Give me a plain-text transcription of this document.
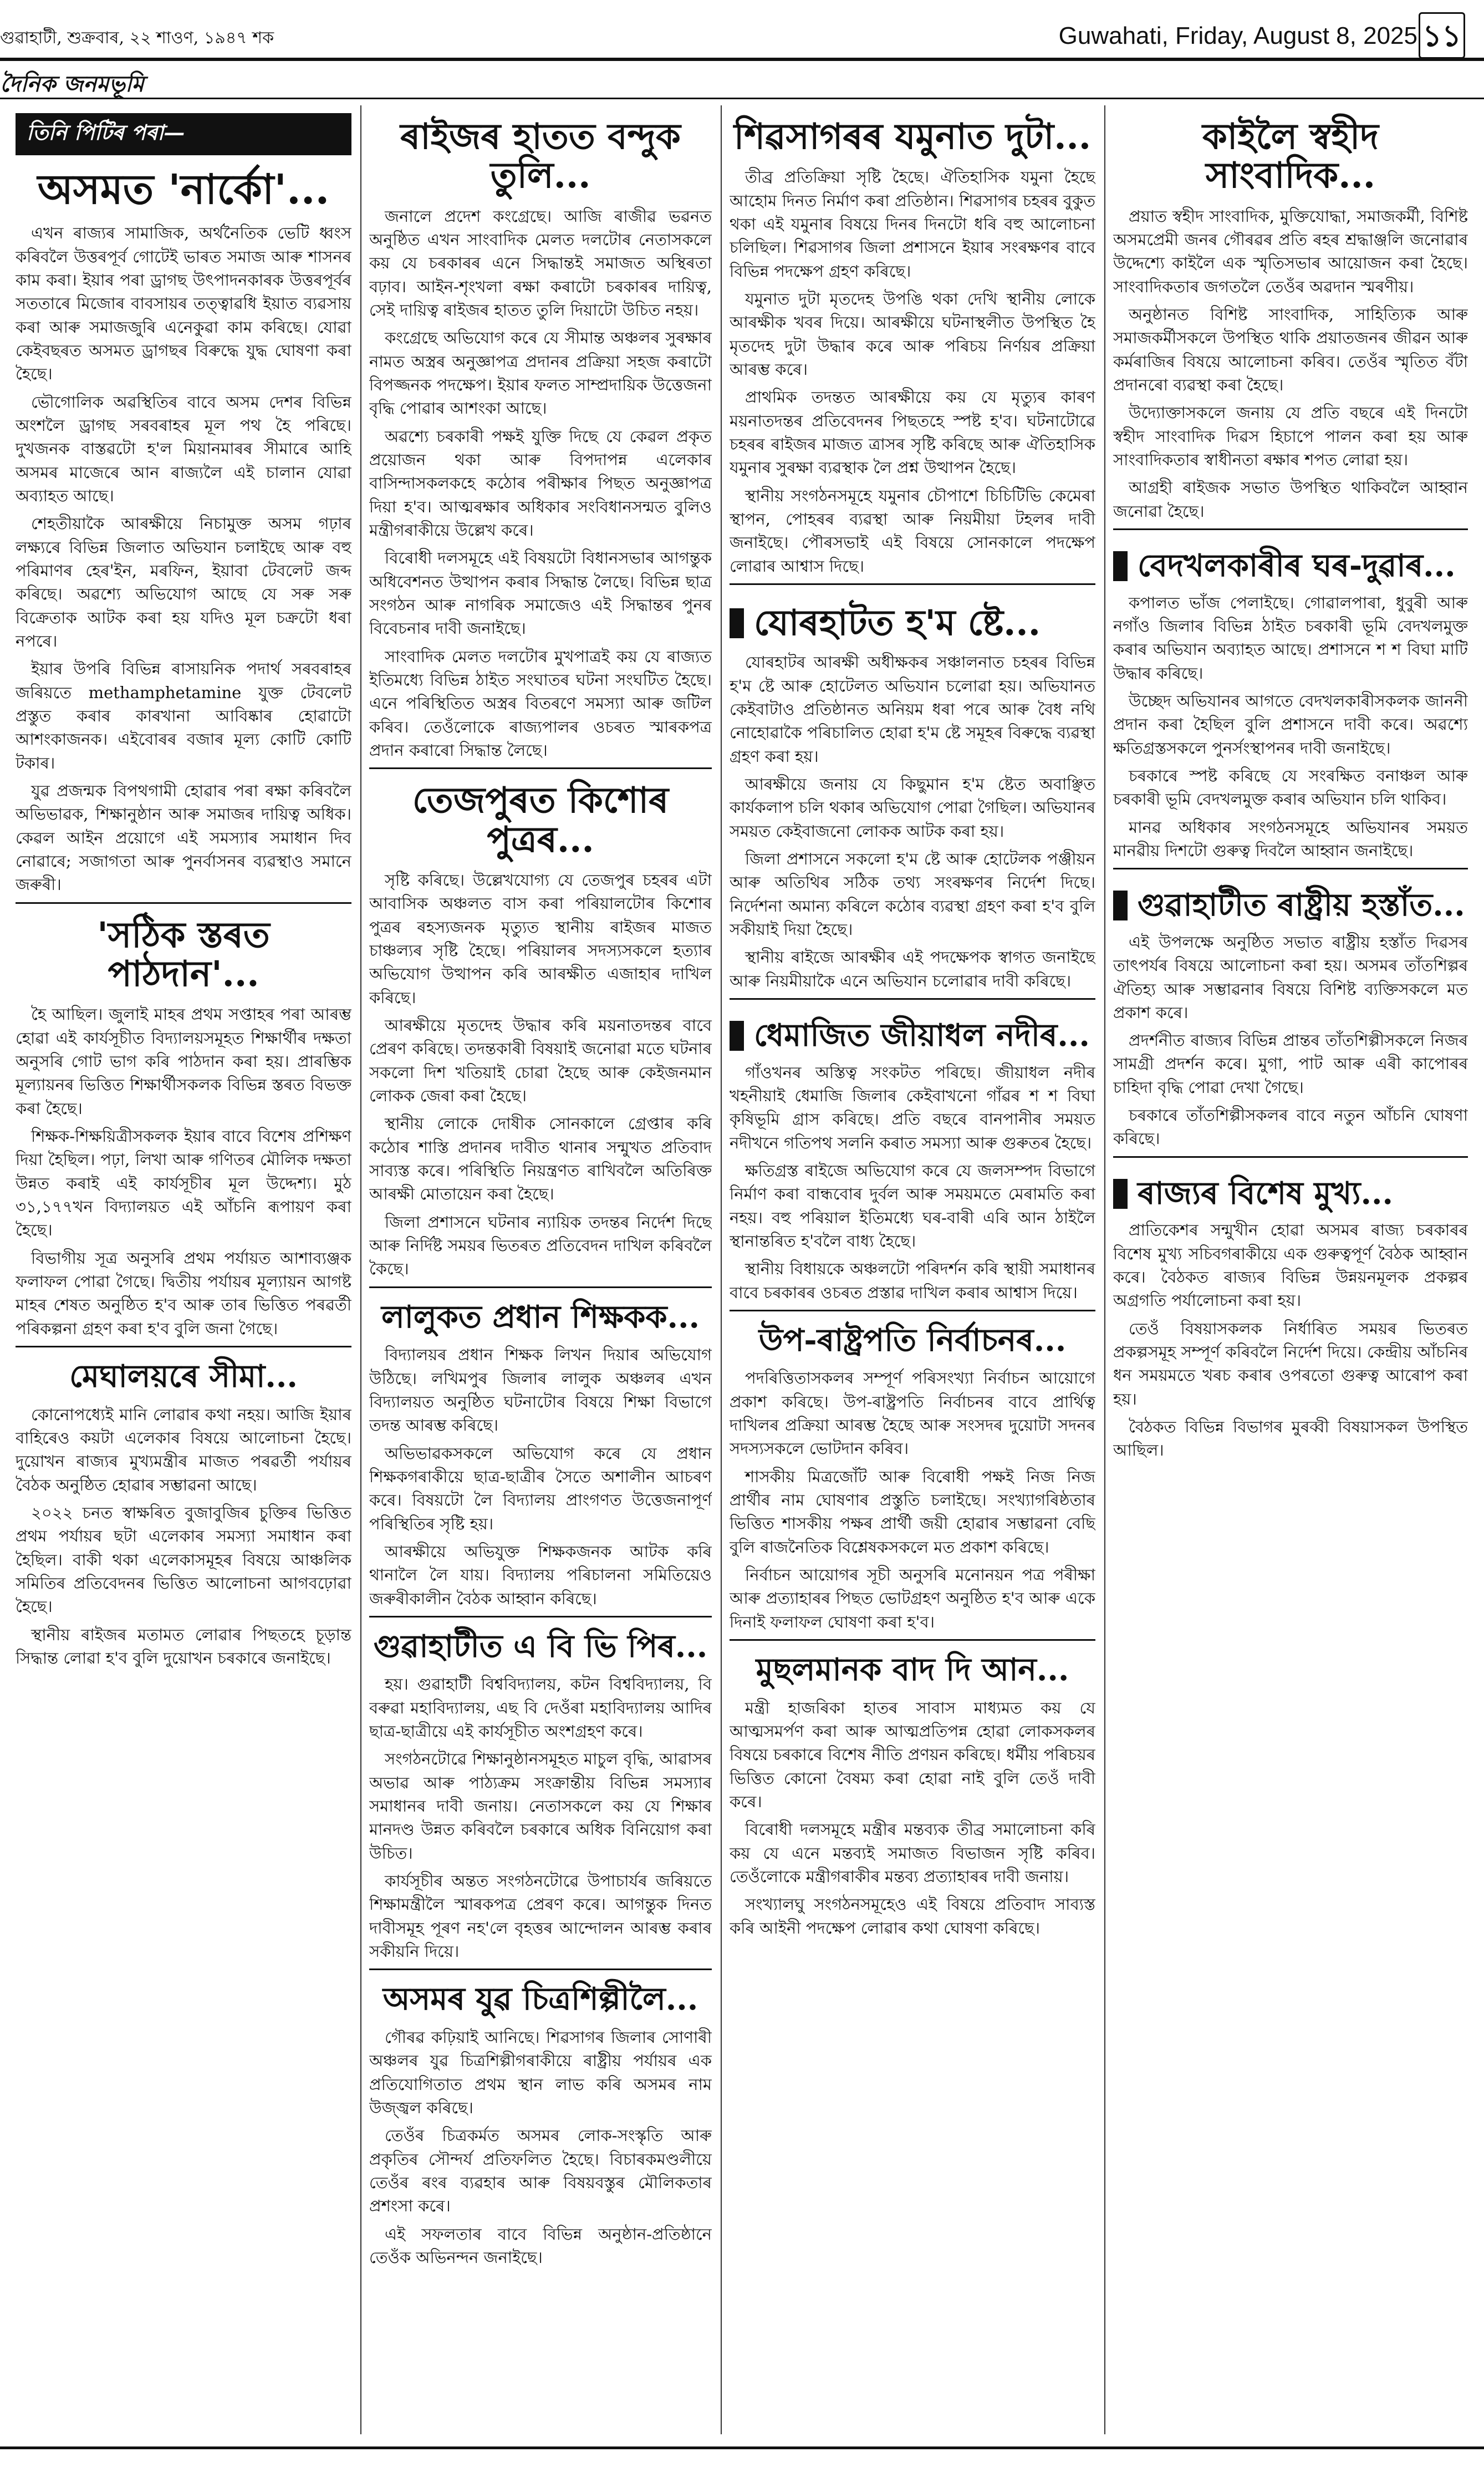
গুৱাহাটী, শুক্ৰবাৰ, ২২ শাওণ, ১৯৪৭ শক	Guwahati, Friday, August 8, 2025 ১১
দৈনিক জনমভূমি
তিনি পিটিৰ পৰা—
অসমত 'নাৰ্কো'...

এখন ৰাজ্যৰ সামাজিক, অৰ্থনৈতিক ভেটি ধ্বংস কৰিবলৈ উত্তৰপূৰ্ব গোটেই ভাৰত সমাজ আৰু শাসনৰ কাম কৰা। ইয়াৰ পৰা ড্ৰাগছ উৎপাদনকাৰক উত্তৰপূৰ্বৰ সততাৰে মিজোৰ বাবসায়ৰ তত্ত্বাৱধি ইয়াত ব্যৱসায় কৰা আৰু সমাজজুৰি এনেকুৱা কাম কৰিছে। যোৱা কেইবছৰত অসমত ড্ৰাগছৰ বিৰুদ্ধে যুদ্ধ ঘোষণা কৰা হৈছে।

ভৌগোলিক অৱস্থিতিৰ বাবে অসম দেশৰ বিভিন্ন অংশলৈ ড্ৰাগছ সৰবৰাহৰ মূল পথ হৈ পৰিছে। দুখজনক বাস্তৱটো হ'ল মিয়ানমাৰৰ সীমাৰে আহি অসমৰ মাজেৰে আন ৰাজ্যলৈ এই চালান যোৱা অব্যাহত আছে।

শেহতীয়াকৈ আৰক্ষীয়ে নিচামুক্ত অসম গঢ়াৰ লক্ষ্যৰে বিভিন্ন জিলাত অভিযান চলাইছে আৰু বহু পৰিমাণৰ হেৰ'ইন, মৰফিন, ইয়াবা টেবলেট জব্দ কৰিছে। অৱশ্যে অভিযোগ আছে যে সৰু সৰু বিক্ৰেতাক আটক কৰা হয় যদিও মূল চক্ৰটো ধৰা নপৰে।

ইয়াৰ উপৰি বিভিন্ন ৰাসায়নিক পদাৰ্থ সৰবৰাহৰ জৰিয়তে methamphetamine যুক্ত টেবলেট প্ৰস্তুত কৰাৰ কাৰখানা আবিষ্কাৰ হোৱাটো আশংকাজনক। এইবোৰৰ বজাৰ মূল্য কোটি কোটি টকাৰ।

যুৱ প্ৰজন্মক বিপথগামী হোৱাৰ পৰা ৰক্ষা কৰিবলৈ অভিভাৱক, শিক্ষানুষ্ঠান আৰু সমাজৰ দায়িত্ব অধিক। কেৱল আইন প্ৰয়োগে এই সমস্যাৰ সমাধান দিব নোৱাৰে; সজাগতা আৰু পুনৰ্বাসনৰ ব্যৱস্থাও সমানে জৰুৰী।

'সঠিক স্তৰত পাঠদান'...

হৈ আছিল। জুলাই মাহৰ প্ৰথম সপ্তাহৰ পৰা আৰম্ভ হোৱা এই কাৰ্যসূচীত বিদ্যালয়সমূহত শিক্ষাৰ্থীৰ দক্ষতা অনুসৰি গোট ভাগ কৰি পাঠদান কৰা হয়। প্ৰাৰম্ভিক মূল্যায়নৰ ভিত্তিত শিক্ষাৰ্থীসকলক বিভিন্ন স্তৰত বিভক্ত কৰা হৈছে।

শিক্ষক-শিক্ষয়িত্ৰীসকলক ইয়াৰ বাবে বিশেষ প্ৰশিক্ষণ দিয়া হৈছিল। পঢ়া, লিখা আৰু গণিতৰ মৌলিক দক্ষতা উন্নত কৰাই এই কাৰ্যসূচীৰ মূল উদ্দেশ্য। মুঠ ৩১,১৭৭খন বিদ্যালয়ত এই আঁচনি ৰূপায়ণ কৰা হৈছে।

বিভাগীয় সূত্ৰ অনুসৰি প্ৰথম পৰ্যায়ত আশাব্যঞ্জক ফলাফল পোৱা গৈছে। দ্বিতীয় পৰ্যায়ৰ মূল্যায়ন আগষ্ট মাহৰ শেষত অনুষ্ঠিত হ'ব আৰু তাৰ ভিত্তিত পৰৱৰ্তী পৰিকল্পনা গ্ৰহণ কৰা হ'ব বুলি জনা গৈছে।

মেঘালয়ৰে সীমা...

কোনোপধ্যেই মানি লোৱাৰ কথা নহয়। আজি ইয়াৰ বাহিৰেও কয়টা এলেকাৰ বিষয়ে আলোচনা হৈছে। দুয়োখন ৰাজ্যৰ মুখ্যমন্ত্ৰীৰ মাজত পৰৱৰ্তী পৰ্যায়ৰ বৈঠক অনুষ্ঠিত হোৱাৰ সম্ভাৱনা আছে।

২০২২ চনত স্বাক্ষৰিত বুজাবুজিৰ চুক্তিৰ ভিত্তিত প্ৰথম পৰ্যায়ৰ ছটা এলেকাৰ সমস্যা সমাধান কৰা হৈছিল। বাকী থকা এলেকাসমূহৰ বিষয়ে আঞ্চলিক সমিতিৰ প্ৰতিবেদনৰ ভিত্তিত আলোচনা আগবঢ়োৱা হৈছে।

স্থানীয় ৰাইজৰ মতামত লোৱাৰ পিছতহে চূড়ান্ত সিদ্ধান্ত লোৱা হ'ব বুলি দুয়োখন চৰকাৰে জনাইছে।

ৰাইজৰ হাতত বন্দুক তুলি...

জনালে প্ৰদেশ কংগ্ৰেছে। আজি ৰাজীৱ ভৱনত অনুষ্ঠিত এখন সাংবাদিক মেলত দলটোৰ নেতাসকলে কয় যে চৰকাৰৰ এনে সিদ্ধান্তই সমাজত অস্থিৰতা বঢ়াব। আইন-শৃংখলা ৰক্ষা কৰাটো চৰকাৰৰ দায়িত্ব, সেই দায়িত্ব ৰাইজৰ হাতত তুলি দিয়াটো উচিত নহয়।

কংগ্ৰেছে অভিযোগ কৰে যে সীমান্ত অঞ্চলৰ সুৰক্ষাৰ নামত অস্ত্ৰৰ অনুজ্ঞাপত্ৰ প্ৰদানৰ প্ৰক্ৰিয়া সহজ কৰাটো বিপজ্জনক পদক্ষেপ। ইয়াৰ ফলত সাম্প্ৰদায়িক উত্তেজনা বৃদ্ধি পোৱাৰ আশংকা আছে।

অৱশ্যে চৰকাৰী পক্ষই যুক্তি দিছে যে কেৱল প্ৰকৃত প্ৰয়োজন থকা আৰু বিপদাপন্ন এলেকাৰ বাসিন্দাসকলকহে কঠোৰ পৰীক্ষাৰ পিছত অনুজ্ঞাপত্ৰ দিয়া হ'ব। আত্মৰক্ষাৰ অধিকাৰ সংবিধানসন্মত বুলিও মন্ত্ৰীগৰাকীয়ে উল্লেখ কৰে।

বিৰোধী দলসমূহে এই বিষয়টো বিধানসভাৰ আগন্তুক অধিবেশনত উত্থাপন কৰাৰ সিদ্ধান্ত লৈছে। বিভিন্ন ছাত্ৰ সংগঠন আৰু নাগৰিক সমাজেও এই সিদ্ধান্তৰ পুনৰ বিবেচনাৰ দাবী জনাইছে।

সাংবাদিক মেলত দলটোৰ মুখপাত্ৰই কয় যে ৰাজ্যত ইতিমধ্যে বিভিন্ন ঠাইত সংঘাতৰ ঘটনা সংঘটিত হৈছে। এনে পৰিস্থিতিত অস্ত্ৰৰ বিতৰণে সমস্যা আৰু জটিল কৰিব। তেওঁলোকে ৰাজ্যপালৰ ওচৰত স্মাৰকপত্ৰ প্ৰদান কৰাৰো সিদ্ধান্ত লৈছে।

তেজপুৰত কিশোৰ পুত্ৰৰ...

সৃষ্টি কৰিছে। উল্লেখযোগ্য যে তেজপুৰ চহৰৰ এটা আবাসিক অঞ্চলত বাস কৰা পৰিয়ালটোৰ কিশোৰ পুত্ৰৰ ৰহস্যজনক মৃত্যুত স্থানীয় ৰাইজৰ মাজত চাঞ্চল্যৰ সৃষ্টি হৈছে। পৰিয়ালৰ সদস্যসকলে হত্যাৰ অভিযোগ উত্থাপন কৰি আৰক্ষীত এজাহাৰ দাখিল কৰিছে।

আৰক্ষীয়ে মৃতদেহ উদ্ধাৰ কৰি ময়নাতদন্তৰ বাবে প্ৰেৰণ কৰিছে। তদন্তকাৰী বিষয়াই জনোৱা মতে ঘটনাৰ সকলো দিশ খতিয়াই চোৱা হৈছে আৰু কেইজনমান লোকক জেৰা কৰা হৈছে।

স্থানীয় লোকে দোষীক সোনকালে গ্ৰেপ্তাৰ কৰি কঠোৰ শাস্তি প্ৰদানৰ দাবীত থানাৰ সন্মুখত প্ৰতিবাদ সাব্যস্ত কৰে। পৰিস্থিতি নিয়ন্ত্ৰণত ৰাখিবলৈ অতিৰিক্ত আৰক্ষী মোতায়েন কৰা হৈছে।

জিলা প্ৰশাসনে ঘটনাৰ ন্যায়িক তদন্তৰ নিৰ্দেশ দিছে আৰু নিৰ্দিষ্ট সময়ৰ ভিতৰত প্ৰতিবেদন দাখিল কৰিবলৈ কৈছে।

লালুকত প্ৰধান শিক্ষকক...

বিদ্যালয়ৰ প্ৰধান শিক্ষক লিখন দিয়াৰ অভিযোগ উঠিছে। লখিমপুৰ জিলাৰ লালুক অঞ্চলৰ এখন বিদ্যালয়ত অনুষ্ঠিত ঘটনাটোৰ বিষয়ে শিক্ষা বিভাগে তদন্ত আৰম্ভ কৰিছে।

অভিভাৱকসকলে অভিযোগ কৰে যে প্ৰধান শিক্ষকগৰাকীয়ে ছাত্ৰ-ছাত্ৰীৰ সৈতে অশালীন আচৰণ কৰে। বিষয়টো লৈ বিদ্যালয় প্ৰাংগণত উত্তেজনাপূৰ্ণ পৰিস্থিতিৰ সৃষ্টি হয়।

আৰক্ষীয়ে অভিযুক্ত শিক্ষকজনক আটক কৰি থানালৈ লৈ যায়। বিদ্যালয় পৰিচালনা সমিতিয়েও জৰুৰীকালীন বৈঠক আহ্বান কৰিছে।

গুৱাহাটীত এ বি ভি পিৰ...

হয়। গুৱাহাটী বিশ্ববিদ্যালয়, কটন বিশ্ববিদ্যালয়, বি বৰুৱা মহাবিদ্যালয়, এছ বি দেওঁৰা মহাবিদ্যালয় আদিৰ ছাত্ৰ-ছাত্ৰীয়ে এই কাৰ্যসূচীত অংশগ্ৰহণ কৰে।

সংগঠনটোৱে শিক্ষানুষ্ঠানসমূহত মাচুল বৃদ্ধি, আৱাসৰ অভাৱ আৰু পাঠ্যক্ৰম সংক্ৰান্তীয় বিভিন্ন সমস্যাৰ সমাধানৰ দাবী জনায়। নেতাসকলে কয় যে শিক্ষাৰ মানদণ্ড উন্নত কৰিবলৈ চৰকাৰে অধিক বিনিয়োগ কৰা উচিত।

কাৰ্যসূচীৰ অন্তত সংগঠনটোৱে উপাচাৰ্যৰ জৰিয়তে শিক্ষামন্ত্ৰীলৈ স্মাৰকপত্ৰ প্ৰেৰণ কৰে। আগন্তুক দিনত দাবীসমূহ পূৰণ নহ'লে বৃহত্তৰ আন্দোলন আৰম্ভ কৰাৰ সকীয়নি দিয়ে।

অসমৰ যুৱ চিত্ৰশিল্পীলৈ...

গৌৰৱ কঢ়িয়াই আনিছে। শিৱসাগৰ জিলাৰ সোণাৰী অঞ্চলৰ যুৱ চিত্ৰশিল্পীগৰাকীয়ে ৰাষ্ট্ৰীয় পৰ্যায়ৰ এক প্ৰতিযোগিতাত প্ৰথম স্থান লাভ কৰি অসমৰ নাম উজ্জ্বল কৰিছে।

তেওঁৰ চিত্ৰকৰ্মত অসমৰ লোক-সংস্কৃতি আৰু প্ৰকৃতিৰ সৌন্দৰ্য প্ৰতিফলিত হৈছে। বিচাৰকমণ্ডলীয়ে তেওঁৰ ৰংৰ ব্যৱহাৰ আৰু বিষয়বস্তুৰ মৌলিকতাৰ প্ৰশংসা কৰে।

এই সফলতাৰ বাবে বিভিন্ন অনুষ্ঠান-প্ৰতিষ্ঠানে তেওঁক অভিনন্দন জনাইছে।

শিৱসাগৰৰ যমুনাত দুটা...

তীব্ৰ প্ৰতিক্ৰিয়া সৃষ্টি হৈছে। ঐতিহাসিক যমুনা হৈছে আহোম দিনত নিৰ্মাণ কৰা প্ৰতিষ্ঠান। শিৱসাগৰ চহৰৰ বুকুত থকা এই যমুনাৰ বিষয়ে দিনৰ দিনটো ধৰি বহু আলোচনা চলিছিল। শিৱসাগৰ জিলা প্ৰশাসনে ইয়াৰ সংৰক্ষণৰ বাবে বিভিন্ন পদক্ষেপ গ্ৰহণ কৰিছে।

যমুনাত দুটা মৃতদেহ উপঙি থকা দেখি স্থানীয় লোকে আৰক্ষীক খবৰ দিয়ে। আৰক্ষীয়ে ঘটনাস্থলীত উপস্থিত হৈ মৃতদেহ দুটা উদ্ধাৰ কৰে আৰু পৰিচয় নিৰ্ণয়ৰ প্ৰক্ৰিয়া আৰম্ভ কৰে।

প্ৰাথমিক তদন্তত আৰক্ষীয়ে কয় যে মৃত্যুৰ কাৰণ ময়নাতদন্তৰ প্ৰতিবেদনৰ পিছতহে স্পষ্ট হ'ব। ঘটনাটোৱে চহৰৰ ৰাইজৰ মাজত ত্ৰাসৰ সৃষ্টি কৰিছে আৰু ঐতিহাসিক যমুনাৰ সুৰক্ষা ব্যৱস্থাক লৈ প্ৰশ্ন উত্থাপন হৈছে।

স্থানীয় সংগঠনসমূহে যমুনাৰ চৌপাশে চিচিটিভি কেমেৰা স্থাপন, পোহৰৰ ব্যৱস্থা আৰু নিয়মীয়া টহলৰ দাবী জনাইছে। পৌৰসভাই এই বিষয়ে সোনকালে পদক্ষেপ লোৱাৰ আশ্বাস দিছে।

যোৰহাটত হ'ম ষ্টে...

যোৰহাটৰ আৰক্ষী অধীক্ষকৰ সঞ্চালনাত চহৰৰ বিভিন্ন হ'ম ষ্টে আৰু হোটেলত অভিযান চলোৱা হয়। অভিযানত কেইবাটাও প্ৰতিষ্ঠানত অনিয়ম ধৰা পৰে আৰু বৈধ নথি নোহোৱাকৈ পৰিচালিত হোৱা হ'ম ষ্টে সমূহৰ বিৰুদ্ধে ব্যৱস্থা গ্ৰহণ কৰা হয়।

আৰক্ষীয়ে জনায় যে কিছুমান হ'ম ষ্টেত অবাঞ্ছিত কাৰ্যকলাপ চলি থকাৰ অভিযোগ পোৱা গৈছিল। অভিযানৰ সময়ত কেইবাজনো লোকক আটক কৰা হয়।

জিলা প্ৰশাসনে সকলো হ'ম ষ্টে আৰু হোটেলক পঞ্জীয়ন আৰু অতিথিৰ সঠিক তথ্য সংৰক্ষণৰ নিৰ্দেশ দিছে। নিৰ্দেশনা অমান্য কৰিলে কঠোৰ ব্যৱস্থা গ্ৰহণ কৰা হ'ব বুলি সকীয়াই দিয়া হৈছে।

স্থানীয় ৰাইজে আৰক্ষীৰ এই পদক্ষেপক স্বাগত জনাইছে আৰু নিয়মীয়াকৈ এনে অভিযান চলোৱাৰ দাবী কৰিছে।

ধেমাজিত জীয়াধল নদীৰ...

গাঁওখনৰ অস্তিত্ব সংকটত পৰিছে। জীয়াধল নদীৰ খহনীয়াই ধেমাজি জিলাৰ কেইবাখনো গাঁৱৰ শ শ বিঘা কৃষিভূমি গ্ৰাস কৰিছে। প্ৰতি বছৰে বানপানীৰ সময়ত নদীখনে গতিপথ সলনি কৰাত সমস্যা আৰু গুৰুতৰ হৈছে।

ক্ষতিগ্ৰস্ত ৰাইজে অভিযোগ কৰে যে জলসম্পদ বিভাগে নিৰ্মাণ কৰা বান্ধবোৰ দুৰ্বল আৰু সময়মতে মেৰামতি কৰা নহয়। বহু পৰিয়াল ইতিমধ্যে ঘৰ-বাৰী এৰি আন ঠাইলৈ স্থানান্তৰিত হ'বলৈ বাধ্য হৈছে।

স্থানীয় বিধায়কে অঞ্চলটো পৰিদৰ্শন কৰি স্থায়ী সমাধানৰ বাবে চৰকাৰৰ ওচৰত প্ৰস্তাৱ দাখিল কৰাৰ আশ্বাস দিয়ে।

উপ-ৰাষ্ট্ৰপতি নিৰ্বাচনৰ...

পদৰিত্তিতাসকলৰ সম্পূৰ্ণ পৰিসংখ্যা নিৰ্বাচন আয়োগে প্ৰকাশ কৰিছে। উপ-ৰাষ্ট্ৰপতি নিৰ্বাচনৰ বাবে প্ৰাৰ্থিত্ব দাখিলৰ প্ৰক্ৰিয়া আৰম্ভ হৈছে আৰু সংসদৰ দুয়োটা সদনৰ সদস্যসকলে ভোটদান কৰিব।

শাসকীয় মিত্ৰজোঁট আৰু বিৰোধী পক্ষই নিজ নিজ প্ৰাৰ্থীৰ নাম ঘোষণাৰ প্ৰস্তুতি চলাইছে। সংখ্যাগৰিষ্ঠতাৰ ভিত্তিত শাসকীয় পক্ষৰ প্ৰাৰ্থী জয়ী হোৱাৰ সম্ভাৱনা বেছি বুলি ৰাজনৈতিক বিশ্লেষকসকলে মত প্ৰকাশ কৰিছে।

নিৰ্বাচন আয়োগৰ সূচী অনুসৰি মনোনয়ন পত্ৰ পৰীক্ষা আৰু প্ৰত্যাহাৰৰ পিছত ভোটগ্ৰহণ অনুষ্ঠিত হ'ব আৰু একে দিনাই ফলাফল ঘোষণা কৰা হ'ব।

মুছলমানক বাদ দি আন...

মন্ত্ৰী হাজৰিকা হাতৰ সাবাস মাধ্যমত কয় যে আত্মসমৰ্পণ কৰা আৰু আত্মপ্ৰতিপন্ন হোৱা লোকসকলৰ বিষয়ে চৰকাৰে বিশেষ নীতি প্ৰণয়ন কৰিছে। ধৰ্মীয় পৰিচয়ৰ ভিত্তিত কোনো বৈষম্য কৰা হোৱা নাই বুলি তেওঁ দাবী কৰে।

বিৰোধী দলসমূহে মন্ত্ৰীৰ মন্তব্যক তীব্ৰ সমালোচনা কৰি কয় যে এনে মন্তব্যই সমাজত বিভাজন সৃষ্টি কৰিব। তেওঁলোকে মন্ত্ৰীগৰাকীৰ মন্তব্য প্ৰত্যাহাৰৰ দাবী জনায়।

সংখ্যালঘু সংগঠনসমূহেও এই বিষয়ে প্ৰতিবাদ সাব্যস্ত কৰি আইনী পদক্ষেপ লোৱাৰ কথা ঘোষণা কৰিছে।

কাইলৈ স্বহীদ সাংবাদিক...

প্ৰয়াত স্বহীদ সাংবাদিক, মুক্তিযোদ্ধা, সমাজকৰ্মী, বিশিষ্ট অসমপ্ৰেমী জনৰ গৌৰৱৰ প্ৰতি ৰহৰ শ্ৰদ্ধাঞ্জলি জনোৱাৰ উদ্দেশ্যে কাইলৈ এক স্মৃতিসভাৰ আয়োজন কৰা হৈছে। সাংবাদিকতাৰ জগতলৈ তেওঁৰ অৱদান স্মৰণীয়।

অনুষ্ঠানত বিশিষ্ট সাংবাদিক, সাহিত্যিক আৰু সমাজকৰ্মীসকলে উপস্থিত থাকি প্ৰয়াতজনৰ জীৱন আৰু কৰ্মৰাজিৰ বিষয়ে আলোচনা কৰিব। তেওঁৰ স্মৃতিত বঁটা প্ৰদানৰো ব্যৱস্থা কৰা হৈছে।

উদ্যোক্তাসকলে জনায় যে প্ৰতি বছৰে এই দিনটো স্বহীদ সাংবাদিক দিৱস হিচাপে পালন কৰা হয় আৰু সাংবাদিকতাৰ স্বাধীনতা ৰক্ষাৰ শপত লোৱা হয়।

আগ্ৰহী ৰাইজক সভাত উপস্থিত থাকিবলৈ আহ্বান জনোৱা হৈছে।

বেদখলকাৰীৰ ঘৰ-দুৱাৰ...

কপালত ভাঁজ পেলাইছে। গোৱালপাৰা, ধুবুৰী আৰু নগাঁও জিলাৰ বিভিন্ন ঠাইত চৰকাৰী ভূমি বেদখলমুক্ত কৰাৰ অভিযান অব্যাহত আছে। প্ৰশাসনে শ শ বিঘা মাটি উদ্ধাৰ কৰিছে।

উচ্ছেদ অভিযানৰ আগতে বেদখলকাৰীসকলক জাননী প্ৰদান কৰা হৈছিল বুলি প্ৰশাসনে দাবী কৰে। অৱশ্যে ক্ষতিগ্ৰস্তসকলে পুনৰ্সংস্থাপনৰ দাবী জনাইছে।

চৰকাৰে স্পষ্ট কৰিছে যে সংৰক্ষিত বনাঞ্চল আৰু চৰকাৰী ভূমি বেদখলমুক্ত কৰাৰ অভিযান চলি থাকিব।

মানৱ অধিকাৰ সংগঠনসমূহে অভিযানৰ সময়ত মানৱীয় দিশটো গুৰুত্ব দিবলৈ আহ্বান জনাইছে।

গুৱাহাটীত ৰাষ্ট্ৰীয় হস্তাঁত...

এই উপলক্ষে অনুষ্ঠিত সভাত ৰাষ্ট্ৰীয় হস্তাঁত দিৱসৰ তাৎপৰ্যৰ বিষয়ে আলোচনা কৰা হয়। অসমৰ তাঁতশিল্পৰ ঐতিহ্য আৰু সম্ভাৱনাৰ বিষয়ে বিশিষ্ট ব্যক্তিসকলে মত প্ৰকাশ কৰে।

প্ৰদৰ্শনীত ৰাজ্যৰ বিভিন্ন প্ৰান্তৰ তাঁতশিল্পীসকলে নিজৰ সামগ্ৰী প্ৰদৰ্শন কৰে। মুগা, পাট আৰু এৰী কাপোৰৰ চাহিদা বৃদ্ধি পোৱা দেখা গৈছে।

চৰকাৰে তাঁতশিল্পীসকলৰ বাবে নতুন আঁচনি ঘোষণা কৰিছে।

ৰাজ্যৰ বিশেষ মুখ্য...

প্ৰাতিকেশৰ সন্মুখীন হোৱা অসমৰ ৰাজ্য চৰকাৰৰ বিশেষ মুখ্য সচিবগৰাকীয়ে এক গুৰুত্বপূৰ্ণ বৈঠক আহ্বান কৰে। বৈঠকত ৰাজ্যৰ বিভিন্ন উন্নয়নমূলক প্ৰকল্পৰ অগ্ৰগতি পৰ্যালোচনা কৰা হয়।

তেওঁ বিষয়াসকলক নিৰ্ধাৰিত সময়ৰ ভিতৰত প্ৰকল্পসমূহ সম্পূৰ্ণ কৰিবলৈ নিৰ্দেশ দিয়ে। কেন্দ্ৰীয় আঁচনিৰ ধন সময়মতে খৰচ কৰাৰ ওপৰতো গুৰুত্ব আৰোপ কৰা হয়।

বৈঠকত বিভিন্ন বিভাগৰ মুৰব্বী বিষয়াসকল উপস্থিত আছিল।
